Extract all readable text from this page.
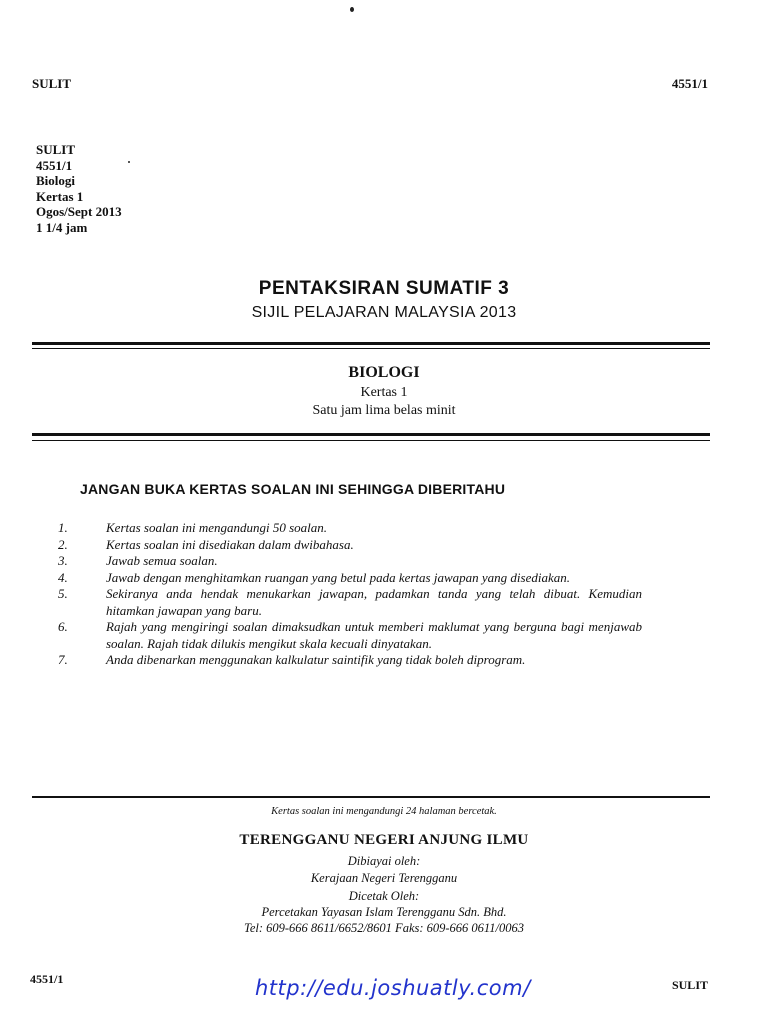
SULIT	4551/1
SULIT
4551/1
Biologi
Kertas 1
Ogos/Sept 2013
1 1/4 jam
PENTAKSIRAN SUMATIF 3
SIJIL PELAJARAN MALAYSIA 2013
BIOLOGI
Kertas 1
Satu jam lima belas minit
JANGAN BUKA KERTAS SOALAN INI SEHINGGA DIBERITAHU
1.	Kertas soalan ini mengandungi 50 soalan.
2.	Kertas soalan ini disediakan dalam dwibahasa.
3.	Jawab semua soalan.
4.	Jawab dengan menghitamkan ruangan yang betul pada kertas jawapan yang disediakan.
5.	Sekiranya anda hendak menukarkan jawapan, padamkan tanda yang telah dibuat. Kemudian hitamkan jawapan yang baru.
6.	Rajah yang mengiringi soalan dimaksudkan untuk memberi maklumat yang berguna bagi menjawab soalan. Rajah tidak dilukis mengikut skala kecuali dinyatakan.
7.	Anda dibenarkan menggunakan kalkulatur saintifik yang tidak boleh diprogram.
Kertas soalan ini mengandungi 24 halaman bercetak.
TERENGGANU NEGERI ANJUNG ILMU
Dibiayai oleh:
Kerajaan Negeri Terengganu
Dicetak Oleh:
Percetakan Yayasan Islam Terengganu Sdn. Bhd.
Tel: 609-666 8611/6652/8601 Faks: 609-666 0611/0063
4551/1	http://edu.joshuatly.com/	SULIT
